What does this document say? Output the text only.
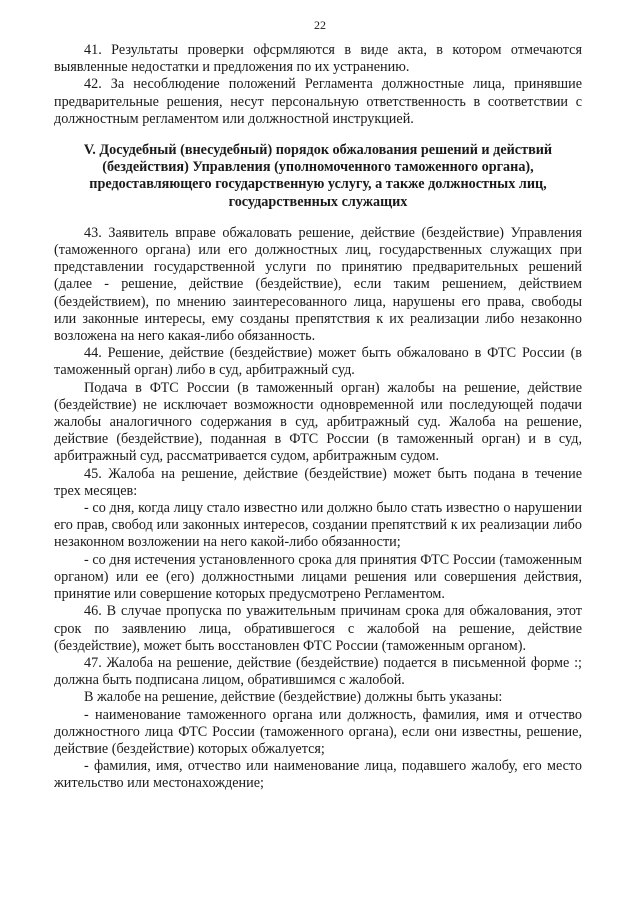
22

41. Результаты проверки офсрмляются в виде акта, в котором отмечаются выявленные недостатки и предложения по их устранению.

42. За несоблюдение положений Регламента должностные лица, принявшие предварительные решения, несут персональную ответственность в соответствии с должностным регламентом или должностной инструкцией.

V. Досудебный (внесудебный) порядок обжалования решений и действий
(бездействия) Управления (уполномоченного таможенного органа),
предоставляющего государственную услугу, а также должностных лиц,
государственных служащих

43. Заявитель вправе обжаловать решение, действие (бездействие) Управления (таможенного органа) или его должностных лиц, государственных служащих при представлении государственной услуги по принятию предварительных решений (далее - решение, действие (бездействие), если таким решением, действием (бездействием), по мнению заинтересованного лица, нарушены его права, свободы или законные интересы, ему созданы препятствия к их реализации либо незаконно возложена на него какая-либо обязанность.

44. Решение, действие (бездействие) может быть обжаловано в ФТС России (в таможенный орган) либо в суд, арбитражный суд.

Подача в ФТС России (в таможенный орган) жалобы на решение, действие (бездействие) не исключает возможности одновременной или последующей подачи жалобы аналогичного содержания в суд, арбитражный суд. Жалоба на решение, действие (бездействие), поданная в ФТС России (в таможенный орган) и в суд, арбитражный суд, рассматривается судом, арбитражным судом.

45. Жалоба на решение, действие (бездействие) может быть подана в течение трех месяцев:

- со дня, когда лицу стало известно или должно было стать известно о нарушении его прав, свобод или законных интересов, создании препятствий к их реализации либо незаконном возложении на него какой-либо обязанности;

- со дня истечения установленного срока для принятия ФТС России (таможенным органом) или ее (его) должностными лицами решения или совершения действия, принятие или совершение которых предусмотрено Регламентом.

46. В случае пропуска по уважительным причинам срока для обжалования, этот срок по заявлению лица, обратившегося с жалобой на решение, действие (бездействие), может быть восстановлен ФТС России (таможенным органом).

47. Жалоба на решение, действие (бездействие) подается в письменной форме :; должна быть подписана лицом, обратившимся с жалобой.

В жалобе на решение, действие (бездействие) должны быть указаны:

- наименование таможенного органа или должность, фамилия, имя и отчество должностного лица ФТС России (таможенного органа), если они известны, решение, действие (бездействие) которых обжалуется;

- фамилия, имя, отчество или наименование лица, подавшего жалобу, его место жительство или местонахождение;
